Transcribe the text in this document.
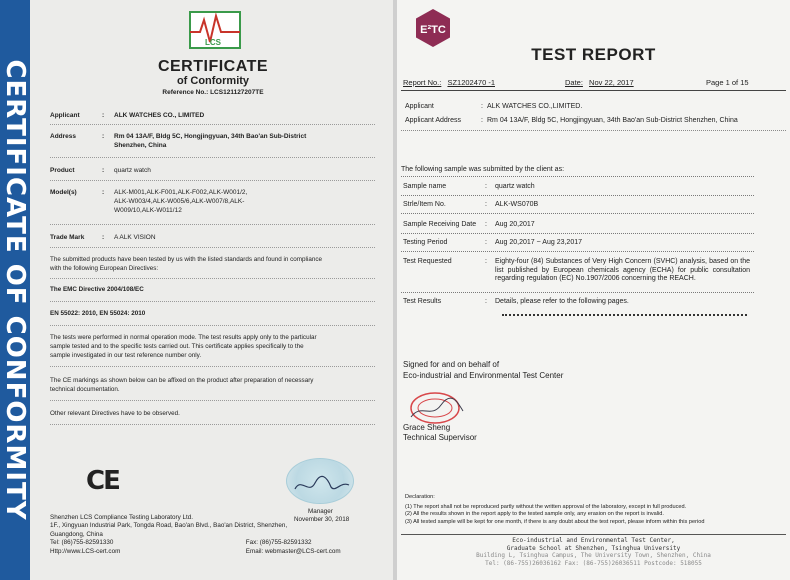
CERTIFICATE OF CONFORMITY
LCS
CERTIFICATE
of Conformity
Reference No.: LCS121127207TE
Applicant	: ALK WATCHES CO., LIMITED
Address	: Rm 04 13A/F, Bldg 5C, Hongjingyuan, 34th Bao'an Sub-District
Shenzhen, China
Product	: quartz watch
Model(s)	: ALK-M001,ALK-F001,ALK-F002,ALK-W001/2,
ALK-W003/4,ALK-W005/6,ALK-W007/8,ALK-
W009/10,ALK-W011/12
Trade Mark	: A ALK VISION
The submitted products have been tested by us with the listed standards and found in compliance
with the following European Directives:
The EMC Directive 2004/108/EC
EN 55022: 2010, EN 55024: 2010
The tests were performed in normal operation mode. The test results apply only to the particular
sample tested and to the specific tests carried out. This certificate applies specifically to the
sample investigated in our test reference number only.
The CE markings as shown below can be affixed on the product after preparation of necessary
technical documentation.
Other relevant Directives have to be observed.
CE
Manager
November 30, 2018
Shenzhen LCS Compliance Testing Laboratory Ltd.
1F., Xingyuan Industrial Park, Tongda Road, Bao'an Blvd., Bao'an District, Shenzhen,
Guangdong, China
Tel: (86)755-82591330	Fax: (86)755-82591332
Http://www.LCS-cert.com	Email: webmaster@LCS-cert.com
E²TC
TEST REPORT
Report No.: SZ1202470 -1	Date: Nov 22, 2017	Page 1 of 15
Applicant	: ALK WATCHES CO.,LIMITED.
Applicant Address	: Rm 04 13A/F, Bldg 5C, Hongjingyuan, 34th Bao'an Sub-District Shenzhen, China
The following sample was submitted by the client as:
Sample name	: quartz watch
Strle/Item No.	: ALK-WS070B
Sample Receiving Date : Aug 20,2017
Testing Period	: Aug 20,2017 ~ Aug 23,2017
Test Requested	: Eighty-four (84) Substances of Very High Concern (SVHC) analysis, based on the list published by European chemicals agency (ECHA) for public consultation regarding regulation (EC) No.1907/2006 concerning the REACH.
Test Results	: Details, please refer to the following pages.
Signed for and on behalf of
Eco-industrial and Environmental Test Center
Grace Sheng
Technical Supervisor
Declaration:
(1) The report shall not be reproduced partly without the written approval of the laboratory, except in full produced.
(2) All the results shown in the report apply to the tested sample only, any erasion on the report is invalid.
(3) All tested sample will be kept for one month, if there is any doubt about the test report, please inform within this period
Eco-industrial and Environmental Test Center,
Graduate School at Shenzhen, Tsinghua University
Building L, Tsinghua Campus, The University Town, Shenzhen, China
Tel: (86-755)26036162 Fax: (86-755)26036511 Postcode: 518055
